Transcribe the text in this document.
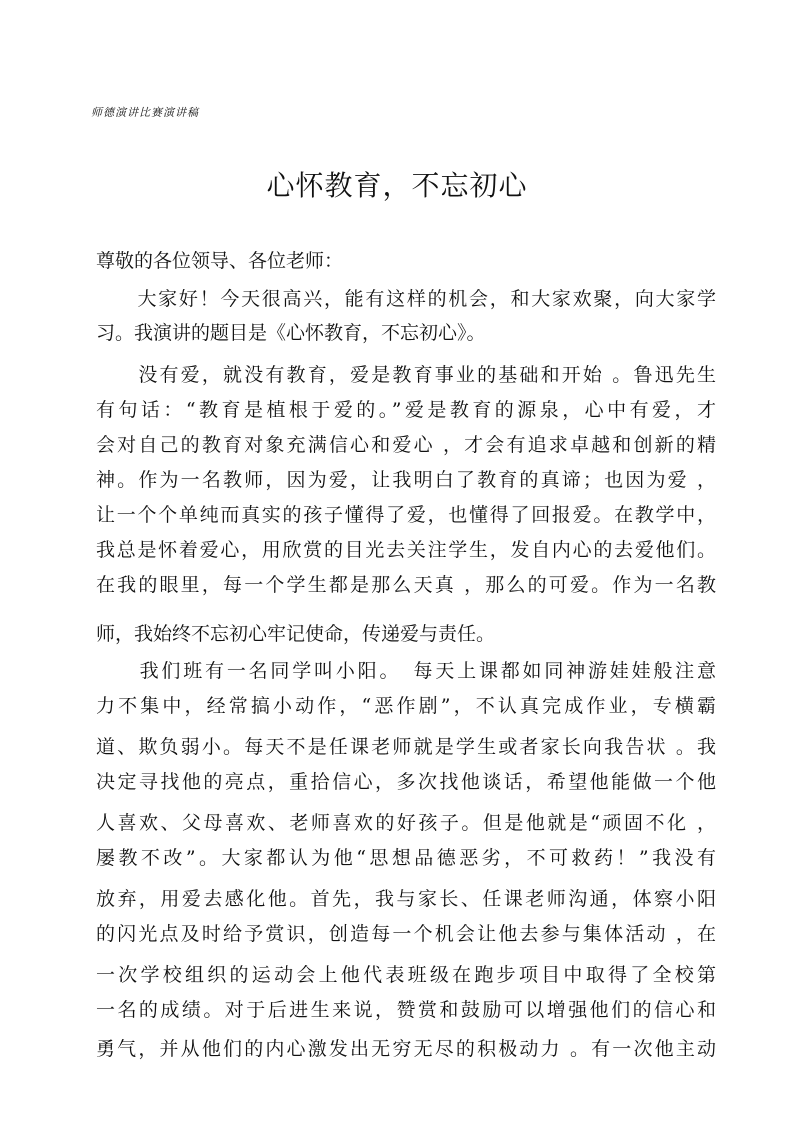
师德演讲比赛演讲稿
心怀教育，不忘初心
尊敬的各位领导、各位老师：
　　大家好！今天很高兴，能有这样的机会，和大家欢聚，向大家学
习。我演讲的题目是《心怀教育，不忘初心》。
　　没有爱，就没有教育，爱是教育事业的基础和开始 。鲁迅先生
有句话：“教育是植根于爱的。”爱是教育的源泉，心中有爱，才
会对自己的教育对象充满信心和爱心 ，才会有追求卓越和创新的精
神。作为一名教师，因为爱，让我明白了教育的真谛；也因为爱 ，
让一个个单纯而真实的孩子懂得了爱，也懂得了回报爱。在教学中，
我总是怀着爱心，用欣赏的目光去关注学生，发自内心的去爱他们。
在我的眼里，每一个学生都是那么天真 ，那么的可爱。作为一名教
师，我始终不忘初心牢记使命，传递爱与责任。
　　我们班有一名同学叫小阳。　每天上课都如同神游娃娃般注意
力不集中，经常搞小动作，“恶作剧”，不认真完成作业，专横霸
道、欺负弱小。每天不是任课老师就是学生或者家长向我告状 。我
决定寻找他的亮点，重拾信心，多次找他谈话，希望他能做一个他
人喜欢、父母喜欢、老师喜欢的好孩子。但是他就是“顽固不化 ，
屡教不改”。大家都认为他“思想品德恶劣，不可救药！”我没有
放弃，用爱去感化他。首先，我与家长、任课老师沟通，体察小阳
的闪光点及时给予赏识，创造每一个机会让他去参与集体活动 ，在
一次学校组织的运动会上他代表班级在跑步项目中取得了全校第
一名的成绩。对于后进生来说，赞赏和鼓励可以增强他们的信心和
勇气，并从他们的内心激发出无穷无尽的积极动力 。有一次他主动
